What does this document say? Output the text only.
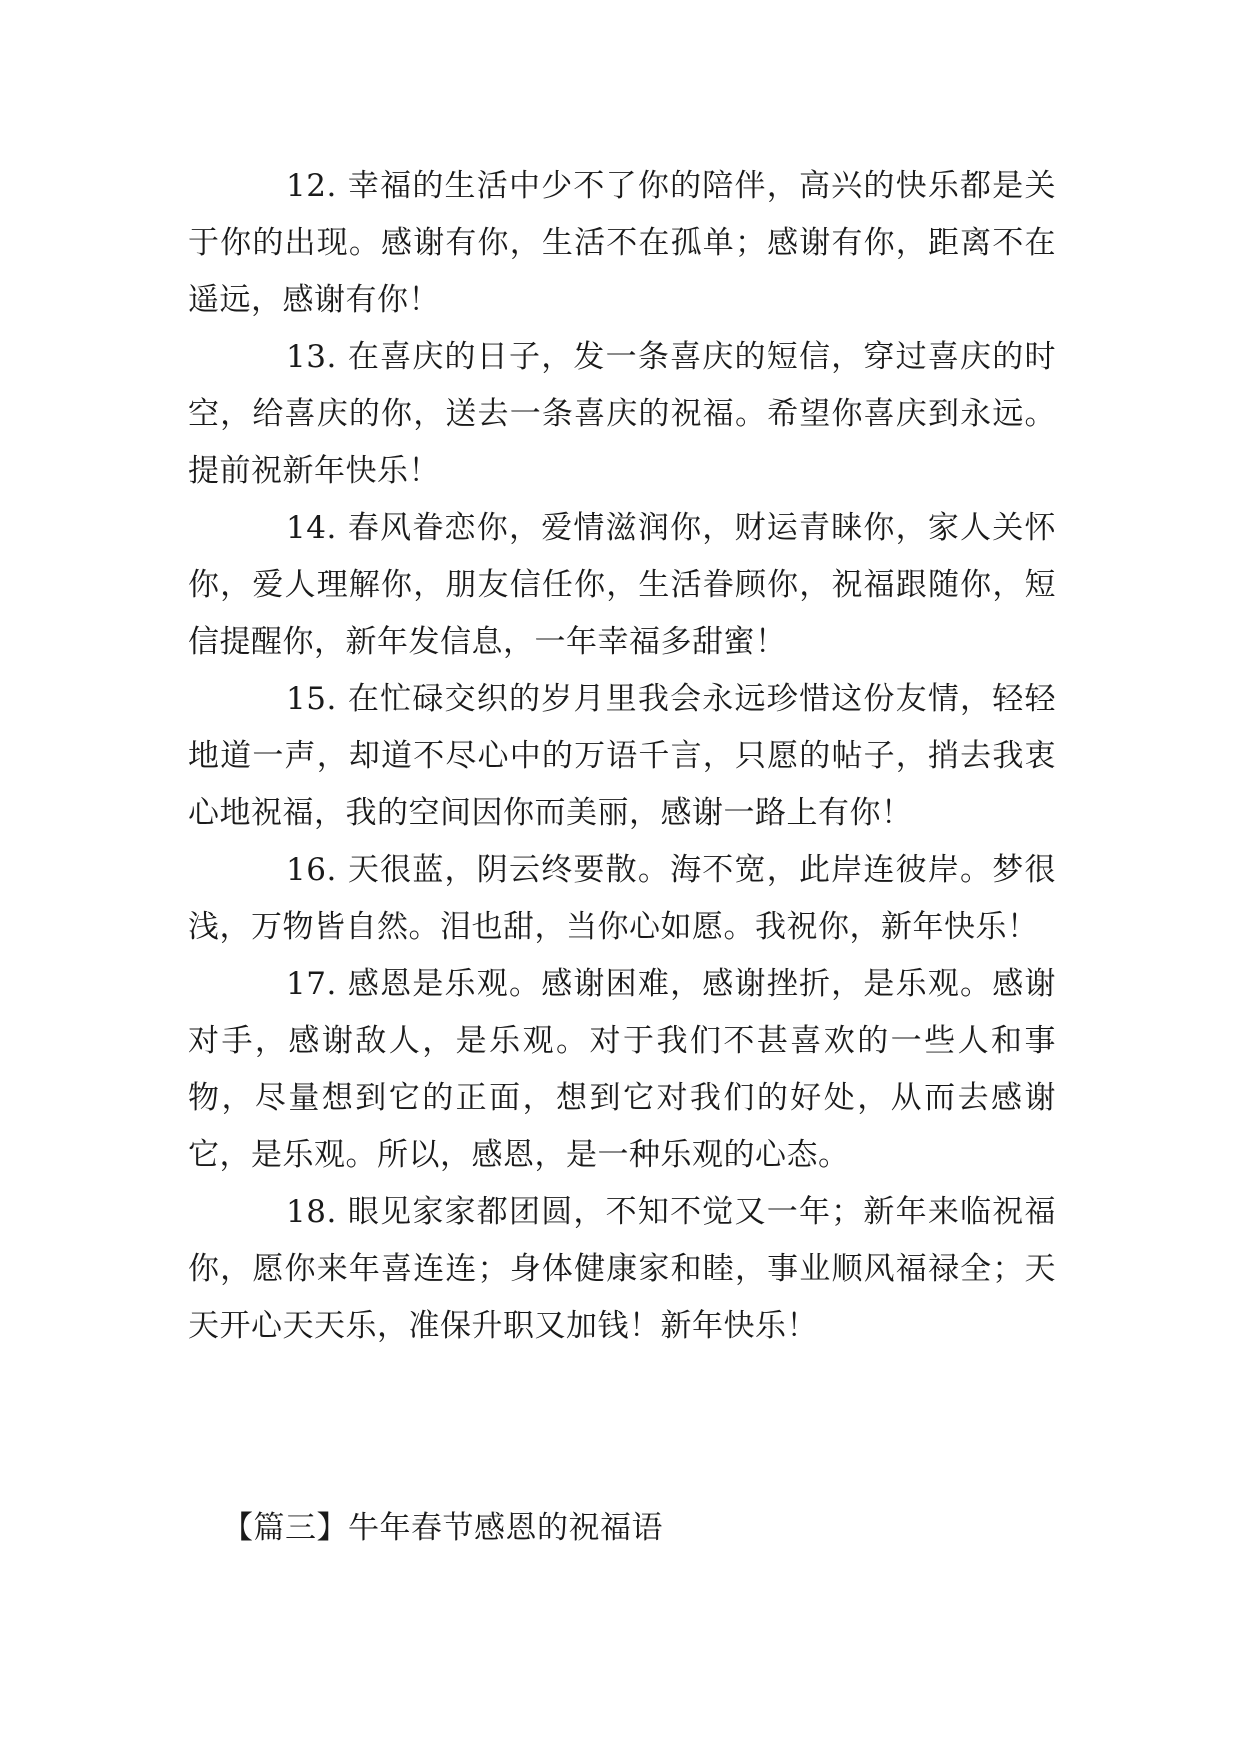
12. 幸福的生活中少不了你的陪伴，高兴的快乐都是关于你的出现。感谢有你，生活不在孤单；感谢有你，距离不在遥远，感谢有你！

13. 在喜庆的日子，发一条喜庆的短信，穿过喜庆的时空，给喜庆的你，送去一条喜庆的祝福。希望你喜庆到永远。提前祝新年快乐！

14. 春风眷恋你，爱情滋润你，财运青睐你，家人关怀你，爱人理解你，朋友信任你，生活眷顾你，祝福跟随你，短信提醒你，新年发信息，一年幸福多甜蜜！

15. 在忙碌交织的岁月里我会永远珍惜这份友情，轻轻地道一声，却道不尽心中的万语千言，只愿的帖子，捎去我衷心地祝福，我的空间因你而美丽，感谢一路上有你！

16. 天很蓝，阴云终要散。海不宽，此岸连彼岸。梦很浅，万物皆自然。泪也甜，当你心如愿。我祝你，新年快乐！

17. 感恩是乐观。感谢困难，感谢挫折，是乐观。感谢对手，感谢敌人，是乐观。对于我们不甚喜欢的一些人和事物，尽量想到它的正面，想到它对我们的好处，从而去感谢它，是乐观。所以，感恩，是一种乐观的心态。

18. 眼见家家都团圆，不知不觉又一年；新年来临祝福你，愿你来年喜连连；身体健康家和睦，事业顺风福禄全；天天开心天天乐，准保升职又加钱！新年快乐！

【篇三】牛年春节感恩的祝福语
